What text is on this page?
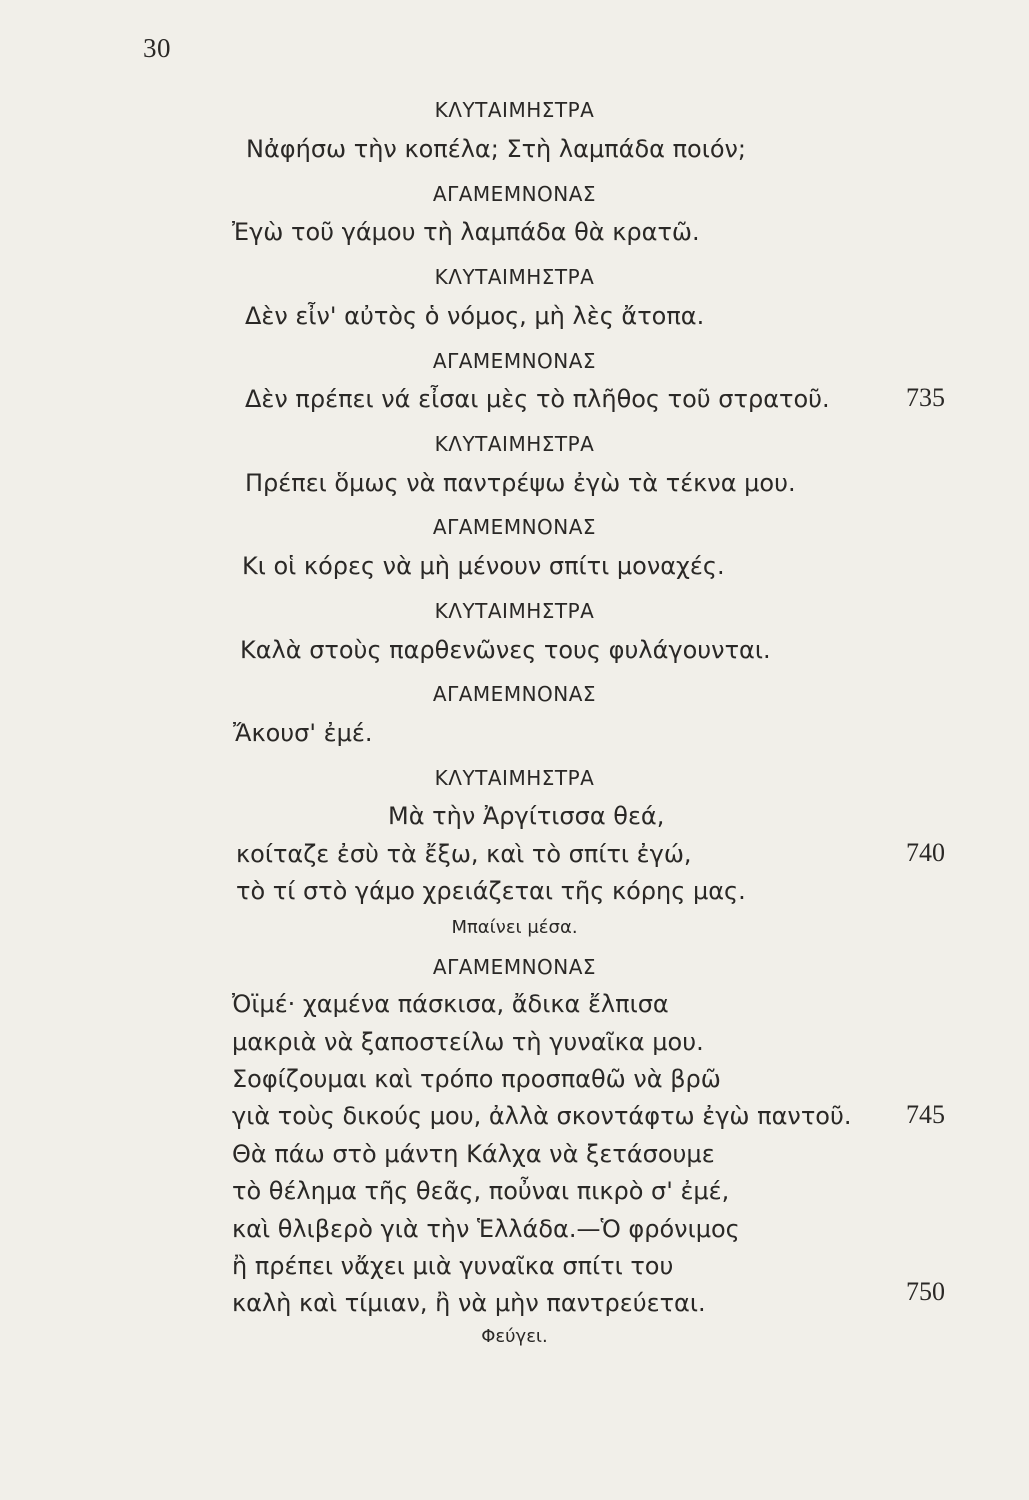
30
ΚΛΥΤΑΙΜΗΣΤΡΑ
Νἀφήσω τὴν κοπέλα; Στὴ λαμπάδα ποιόν;
ΑΓΑΜΕΜΝΟΝΑΣ
Ἐγὼ τοῦ γάμου τὴ λαμπάδα θὰ κρατῶ.
ΚΛΥΤΑΙΜΗΣΤΡΑ
Δὲν εἶν' αὐτὸς ὁ νόμος, μὴ λὲς ἄτοπα.
ΑΓΑΜΕΜΝΟΝΑΣ
Δὲν πρέπει νά εἶσαι μὲς τὸ πλῆθος τοῦ στρατοῦ.	735
ΚΛΥΤΑΙΜΗΣΤΡΑ
Πρέπει ὅμως νὰ παντρέψω ἐγὼ τὰ τέκνα μου.
ΑΓΑΜΕΜΝΟΝΑΣ
Κι οἱ κόρες νὰ μὴ μένουν σπίτι μοναχές.
ΚΛΥΤΑΙΜΗΣΤΡΑ
Καλὰ στοὺς παρθενῶνες τους φυλάγουνται.
ΑΓΑΜΕΜΝΟΝΑΣ
Ἄκουσ' ἐμέ.
ΚΛΥΤΑΙΜΗΣΤΡΑ
Μὰ τὴν Ἀργίτισσα θεά,
κοίταζε ἐσὺ τὰ ἔξω, καὶ τὸ σπίτι ἐγώ,	740
τὸ τί στὸ γάμο χρειάζεται τῆς κόρης μας.
Μπαίνει μέσα.
ΑΓΑΜΕΜΝΟΝΑΣ
Ὀϊμέ· χαμένα πάσκισα, ἄδικα ἔλπισα
μακριὰ νὰ ξαποστείλω τὴ γυναῖκα μου.
Σοφίζουμαι καὶ τρόπο προσπαθῶ νὰ βρῶ
γιὰ τοὺς δικούς μου, ἀλλὰ σκοντάφτω ἐγὼ παντοῦ. 745
Θὰ πάω στὸ μάντη Κάλχα νὰ ξετάσουμε
τὸ θέλημα τῆς θεᾶς, ποὖναι πικρὸ σ' ἐμέ,
καὶ θλιβερὸ γιὰ τὴν Ἑλλάδα.—Ὁ φρόνιμος
ἢ πρέπει νἄχει μιὰ γυναῖκα σπίτι του
καλὴ καὶ τίμιαν, ἢ νὰ μὴν παντρεύεται.	750
Φεύγει.
